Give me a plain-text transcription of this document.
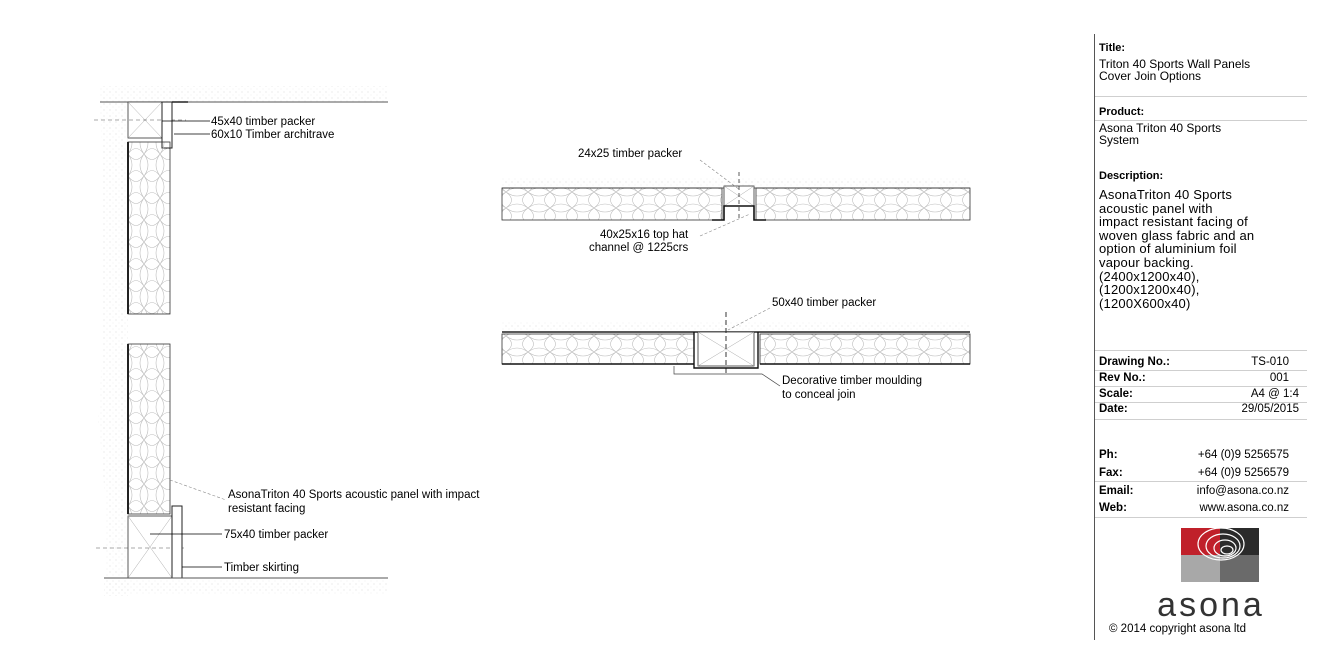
45x40 timber packer
60x10 Timber architrave
AsonaTriton 40 Sports acoustic panel with impact
resistant facing
75x40 timber packer
Timber skirting
24x25 timber packer
40x25x16 top hat
channel @ 1225crs
50x40 timber packer
Decorative timber moulding
to conceal join
Title:
Triton 40 Sports Wall Panels
Cover Join Options
Product:
Asona Triton 40 Sports
System
Description:
AsonaTriton 40 Sports
acoustic panel with
impact resistant facing of
woven glass fabric and an
option of aluminium foil
vapour backing.
(2400x1200x40),
(1200x1200x40),
(1200X600x40)
Drawing No.:	TS-010
Rev No.:	001
Scale:	A4 @ 1:4
Date:	29/05/2015
Ph:	+64 (0)9 5256575
Fax:	+64 (0)9 5256579
Email:	info@asona.co.nz
Web:	www.asona.co.nz
asona
© 2014 copyright asona ltd
